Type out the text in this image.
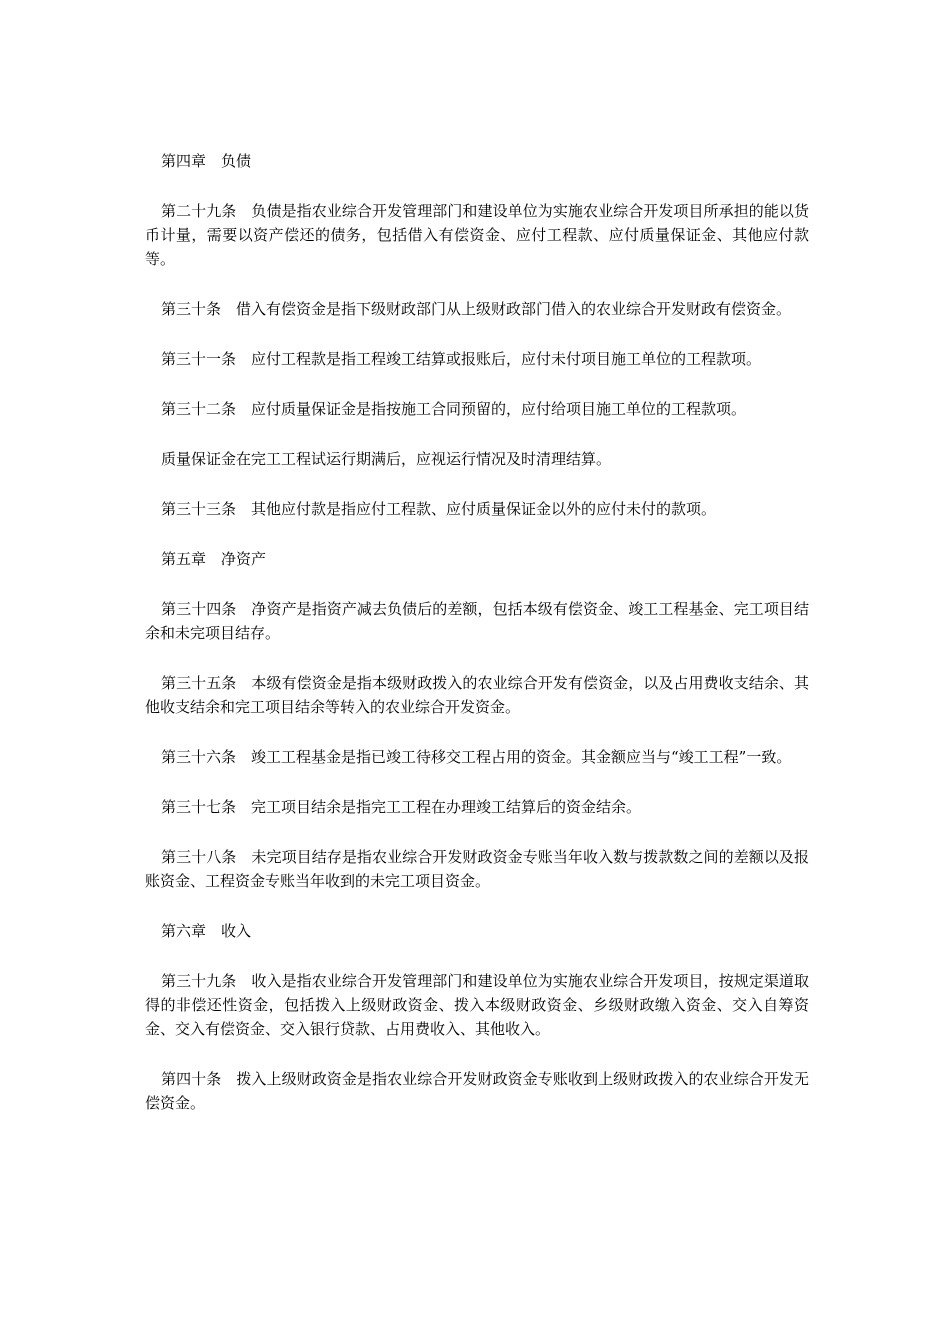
第四章　负债

第二十九条　负债是指农业综合开发管理部门和建设单位为实施农业综合开发项目所承担的能以货币计量，需要以资产偿还的债务，包括借入有偿资金、应付工程款、应付质量保证金、其他应付款等。

第三十条　借入有偿资金是指下级财政部门从上级财政部门借入的农业综合开发财政有偿资金。

第三十一条　应付工程款是指工程竣工结算或报账后，应付未付项目施工单位的工程款项。

第三十二条　应付质量保证金是指按施工合同预留的，应付给项目施工单位的工程款项。

质量保证金在完工工程试运行期满后，应视运行情况及时清理结算。

第三十三条　其他应付款是指应付工程款、应付质量保证金以外的应付未付的款项。

第五章　净资产

第三十四条　净资产是指资产减去负债后的差额，包括本级有偿资金、竣工工程基金、完工项目结余和未完项目结存。

第三十五条　本级有偿资金是指本级财政拨入的农业综合开发有偿资金，以及占用费收支结余、其他收支结余和完工项目结余等转入的农业综合开发资金。

第三十六条　竣工工程基金是指已竣工待移交工程占用的资金。其金额应当与“竣工工程”一致。

第三十七条　完工项目结余是指完工工程在办理竣工结算后的资金结余。

第三十八条　未完项目结存是指农业综合开发财政资金专账当年收入数与拨款数之间的差额以及报账资金、工程资金专账当年收到的未完工项目资金。

第六章　收入

第三十九条　收入是指农业综合开发管理部门和建设单位为实施农业综合开发项目，按规定渠道取得的非偿还性资金，包括拨入上级财政资金、拨入本级财政资金、乡级财政缴入资金、交入自筹资金、交入有偿资金、交入银行贷款、占用费收入、其他收入。

第四十条　拨入上级财政资金是指农业综合开发财政资金专账收到上级财政拨入的农业综合开发无偿资金。
